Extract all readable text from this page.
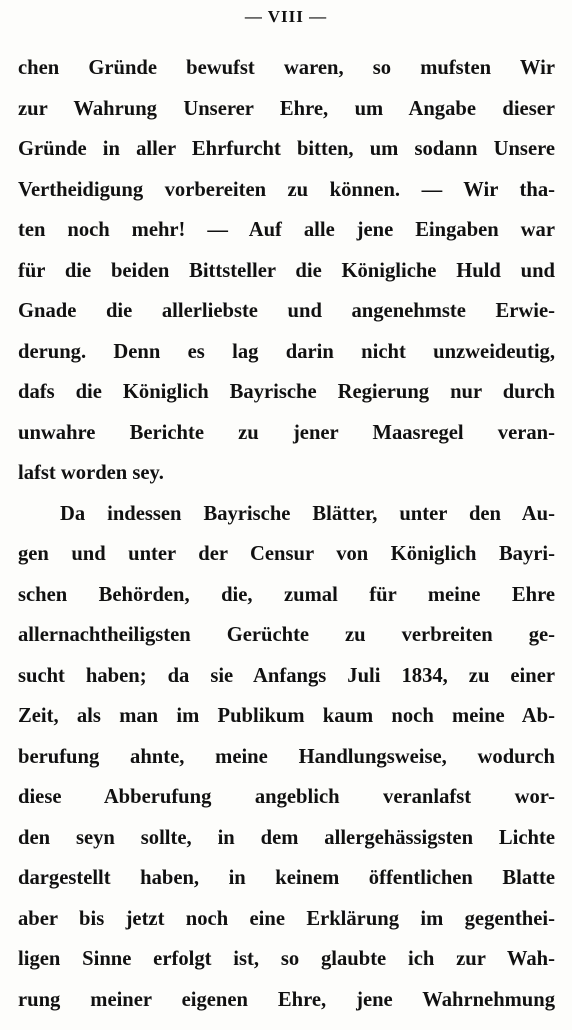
— VIII —
chen Gründe bewufst waren, so mufsten Wir
zur Wahrung Unserer Ehre, um Angabe dieser
Gründe in aller Ehrfurcht bitten, um sodann Unsere
Vertheidigung vorbereiten zu können. — Wir tha-
ten noch mehr! — Auf alle jene Eingaben war
für die beiden Bittsteller die Königliche Huld und
Gnade die allerliebste und angenehmste Erwie-
derung. Denn es lag darin nicht unzweideutig,
dafs die Königlich Bayrische Regierung nur durch
unwahre Berichte zu jener Maasregel veran-
lafst worden sey.
Da indessen Bayrische Blätter, unter den Au-
gen und unter der Censur von Königlich Bayri-
schen Behörden, die, zumal für meine Ehre
allernachtheiligsten Gerüchte zu verbreiten ge-
sucht haben; da sie Anfangs Juli 1834, zu einer
Zeit, als man im Publikum kaum noch meine Ab-
berufung ahnte, meine Handlungsweise, wodurch
diese Abberufung angeblich veranlafst wor-
den seyn sollte, in dem allergehässigsten Lichte
dargestellt haben, in keinem öffentlichen Blatte
aber bis jetzt noch eine Erklärung im gegenthei-
ligen Sinne erfolgt ist, so glaubte ich zur Wah-
rung meiner eigenen Ehre, jene Wahrnehmung
